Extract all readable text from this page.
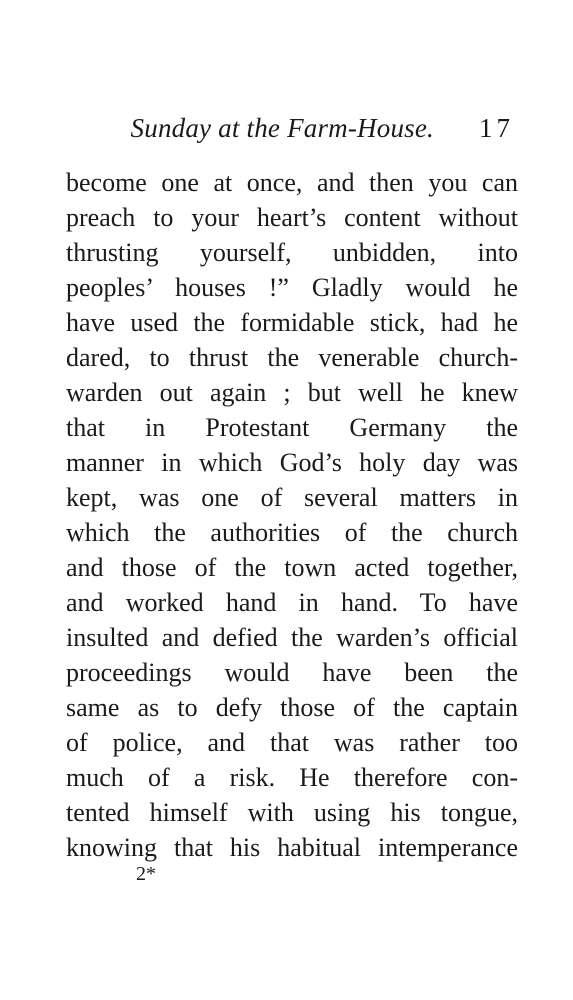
Sunday at the Farm-House. 17
become one at once, and then you can
preach to your heart’s content without
thrusting yourself, unbidden, into
peoples’ houses !” Gladly would he
have used the formidable stick, had he
dared, to thrust the venerable church-
warden out again ; but well he knew
that in Protestant Germany the
manner in which God’s holy day was
kept, was one of several matters in
which the authorities of the church
and those of the town acted together,
and worked hand in hand. To have
insulted and defied the warden’s official
proceedings would have been the
same as to defy those of the captain
of police, and that was rather too
much of a risk. He therefore con-
tented himself with using his tongue,
knowing that his habitual intemperance
2*
